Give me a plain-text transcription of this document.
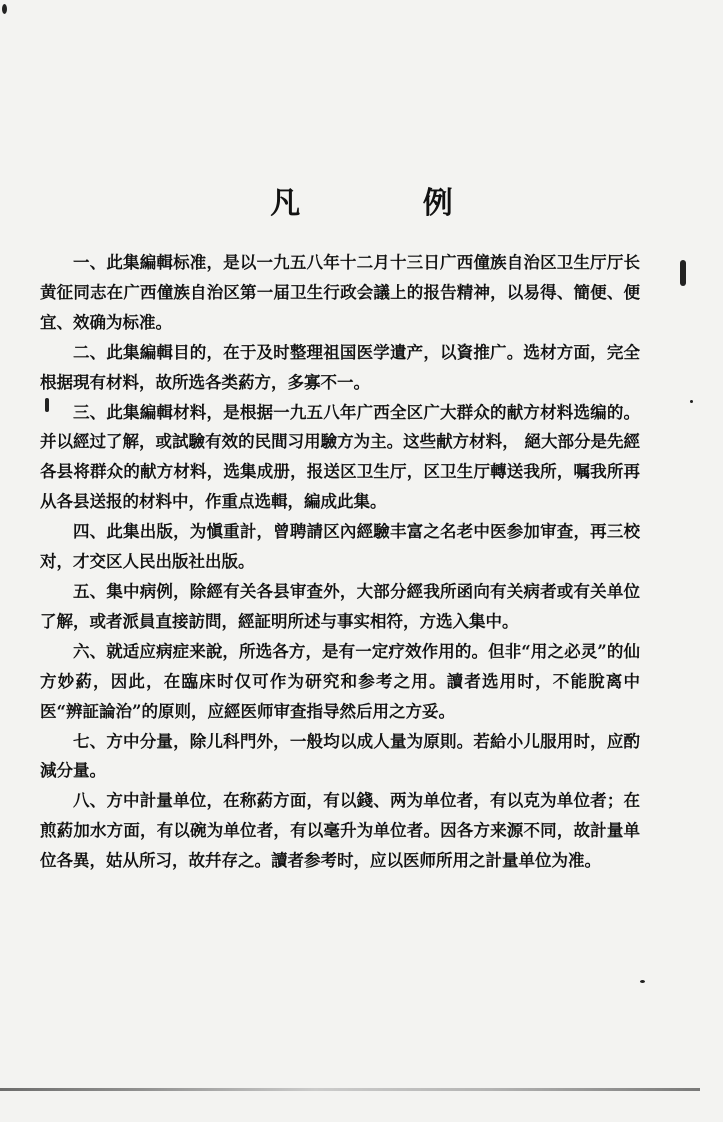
凡 例

一、此集編輯标准，是以一九五八年十二月十三日广西僮族自治区卫生厅厅长黄征同志在广西僮族自治区第一届卫生行政会議上的报告精神，以易得、簡便、便宜、效确为标准。

二、此集編輯目的，在于及时整理祖国医学遺产，以資推广。选材方面，完全根据現有材料，故所选各类葯方，多寡不一。

三、此集編輯材料，是根据一九五八年广西全区广大群众的献方材料选编的。并以經过了解，或試驗有效的民間习用驗方为主。这些献方材料， 絕大部分是先經各县将群众的献方材料，选集成册，报送区卫生厅，区卫生厅轉送我所，嘱我所再从各县送报的材料中，作重点选輯，編成此集。

四、此集出版，为愼重計，曾聘請区內經驗丰富之名老中医参加审查，再三校对，才交区人民出版社出版。

五、集中病例，除經有关各县审查外，大部分經我所函向有关病者或有关单位了解，或者派員直接訪問，經証明所述与事实相符，方选入集中。

六、就适应病症来說，所选各方，是有一定疗效作用的。但非“用之必灵”的仙方妙葯，因此，在臨床时仅可作为研究和参考之用。讀者选用时，不能脫离中医“辨証論治”的原则，应經医师审查指导然后用之方妥。

七、方中分量，除儿科門外，一般均以成人量为原則。若給小儿服用时，应酌減分量。

八、方中計量单位，在称葯方面，有以錢、两为单位者，有以克为单位者；在煎葯加水方面，有以碗为单位者，有以毫升为单位者。因各方来源不同，故計量单位各異，姑从所习，故幷存之。讀者参考时，应以医师所用之計量单位为准。
